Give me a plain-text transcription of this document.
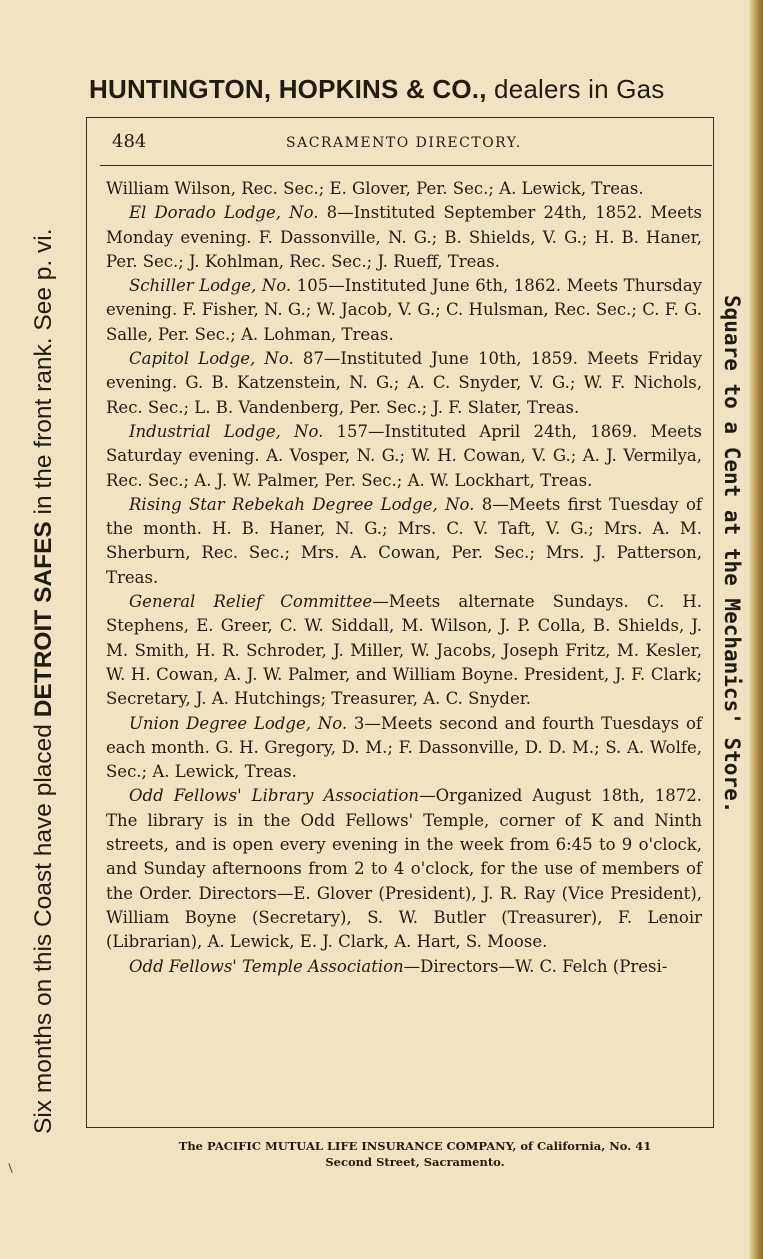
HUNTINGTON, HOPKINS & CO., dealers in Gas
Six months on this Coast have placed DETROIT SAFES in the front rank. See p. vi.	Square to a Cent at the Mechanics' Store.
484	SACRAMENTO DIRECTORY.

William Wilson, Rec. Sec.; E. Glover, Per. Sec.; A. Lewick, Treas.

El Dorado Lodge, No. 8—Instituted September 24th, 1852. Meets Monday evening. F. Dassonville, N. G.; B. Shields, V. G.; H. B. Haner, Per. Sec.; J. Kohlman, Rec. Sec.; J. Rueff, Treas.

Schiller Lodge, No. 105—Instituted June 6th, 1862. Meets Thursday evening. F. Fisher, N. G.; W. Jacob, V. G.; C. Hulsman, Rec. Sec.; C. F. G. Salle, Per. Sec.; A. Lohman, Treas.

Capitol Lodge, No. 87—Instituted June 10th, 1859. Meets Friday evening. G. B. Katzenstein, N. G.; A. C. Snyder, V. G.; W. F. Nichols, Rec. Sec.; L. B. Vandenberg, Per. Sec.; J. F. Slater, Treas.

Industrial Lodge, No. 157—Instituted April 24th, 1869. Meets Saturday evening. A. Vosper, N. G.; W. H. Cowan, V. G.; A. J. Vermilya, Rec. Sec.; A. J. W. Palmer, Per. Sec.; A. W. Lockhart, Treas.

Rising Star Rebekah Degree Lodge, No. 8—Meets first Tuesday of the month. H. B. Haner, N. G.; Mrs. C. V. Taft, V. G.; Mrs. A. M. Sherburn, Rec. Sec.; Mrs. A. Cowan, Per. Sec.; Mrs. J. Patterson, Treas.

General Relief Committee—Meets alternate Sundays. C. H. Stephens, E. Greer, C. W. Siddall, M. Wilson, J. P. Colla, B. Shields, J. M. Smith, H. R. Schroder, J. Miller, W. Jacobs, Joseph Fritz, M. Kesler, W. H. Cowan, A. J. W. Palmer, and William Boyne. President, J. F. Clark; Secretary, J. A. Hutchings; Treasurer, A. C. Snyder.

Union Degree Lodge, No. 3—Meets second and fourth Tuesdays of each month. G. H. Gregory, D. M.; F. Dassonville, D. D. M.; S. A. Wolfe, Sec.; A. Lewick, Treas.

Odd Fellows' Library Association—Organized August 18th, 1872. The library is in the Odd Fellows' Temple, corner of K and Ninth streets, and is open every evening in the week from 6:45 to 9 o'clock, and Sunday afternoons from 2 to 4 o'clock, for the use of members of the Order. Directors—E. Glover (President), J. R. Ray (Vice President), William Boyne (Secretary), S. W. Butler (Treasurer), F. Lenoir (Librarian), A. Lewick, E. J. Clark, A. Hart, S. Moose.

Odd Fellows' Temple Association—Directors—W. C. Felch (Presi-

The PACIFIC MUTUAL LIFE INSURANCE COMPANY, of California, No. 41
Second Street, Sacramento.
